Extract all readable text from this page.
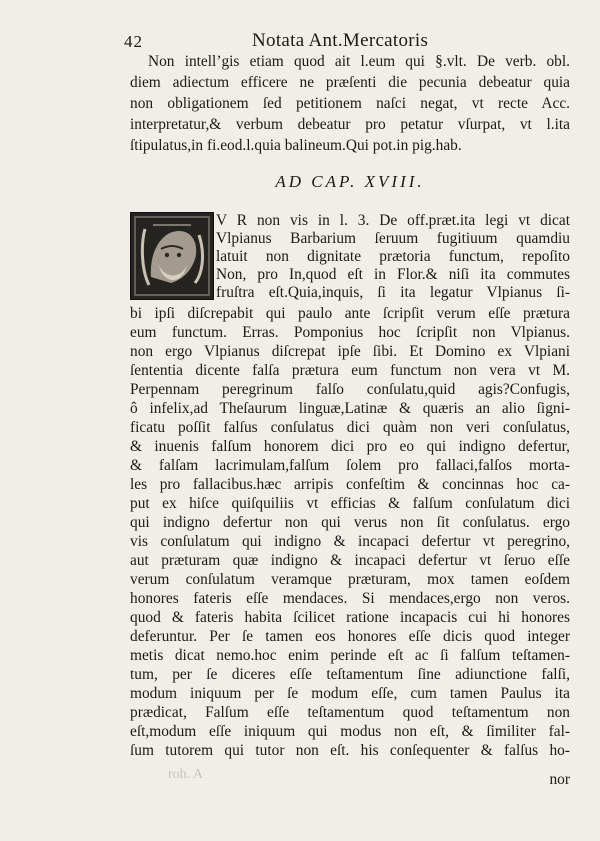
42	Notata Ant.Mercatoris
Non intell’gis etiam quod ait l.eum qui §.vlt. De verb. obl.
diem adiectum efficere ne præſenti die pecunia debeatur quia
non obligationem ſed petitionem naſci negat, vt recte Acc.
interpretatur,& verbum debeatur pro petatur vſurpat, vt l.ita
ſtipulatus,in fi.eod.l.quia balineum.Qui pot.in pig.hab.
AD CAP. XVIII.
V R non vis in l. 3. De off.præt.ita legi vt dicat
Vlpianus Barbarium ſeruum fugitiuum quamdiu
latuit non dignitate prætoria functum, repoſito
Non, pro In,quod eſt in Flor.& niſi ita commutes
fruſtra eſt.Quia,inquis, ſi ita legatur Vlpianus ſi-
bi ipſi diſcrepabit qui paulo ante ſcripſit verum eſſe prætura
eum functum. Erras. Pomponius hoc ſcripſit non Vlpianus.
non ergo Vlpianus diſcrepat ipſe ſibi. Et Domino ex Vlpiani
ſententia dicente falſa prætura eum functum non vera vt M.
Perpennam peregrinum falſo conſulatu,quid agis?Confugis,
ô infelix,ad Theſaurum linguæ,Latinæ & quæris an alio ſigni-
ficatu poſſit falſus conſulatus dici quàm non veri conſulatus,
& inuenis falſum honorem dici pro eo qui indigno defertur,
& falſam lacrimulam,falſum ſolem pro fallaci,falſos morta-
les pro fallacibus.hæc arripis confeſtim & concinnas hoc ca-
put ex hiſce quiſquiliis vt efficias & falſum conſulatum dici
qui indigno defertur non qui verus non ſit conſulatus. ergo
vis conſulatum qui indigno & incapaci defertur vt peregrino,
aut præturam quæ indigno & incapaci defertur vt ſeruo eſſe
verum conſulatum veramque præturam, mox tamen eoſdem
honores fateris eſſe mendaces. Si mendaces,ergo non veros.
quod & fateris habita ſcilicet ratione incapacis cui hi honores
deferuntur. Per ſe tamen eos honores eſſe dicis quod integer
metis dicat nemo.hoc enim perinde eſt ac ſi falſum teſtamen-
tum, per ſe diceres eſſe teſtamentum ſine adiunctione falſi,
modum iniquum per ſe modum eſſe, cum tamen Paulus ita
prædicat, Falſum eſſe teſtamentum quod teſtamentum non
eſt,modum eſſe iniquum qui modus non eſt, & ſimiliter fal-
ſum tutorem qui tutor non eſt. his conſequenter & falſus ho-
roh. A	nor
